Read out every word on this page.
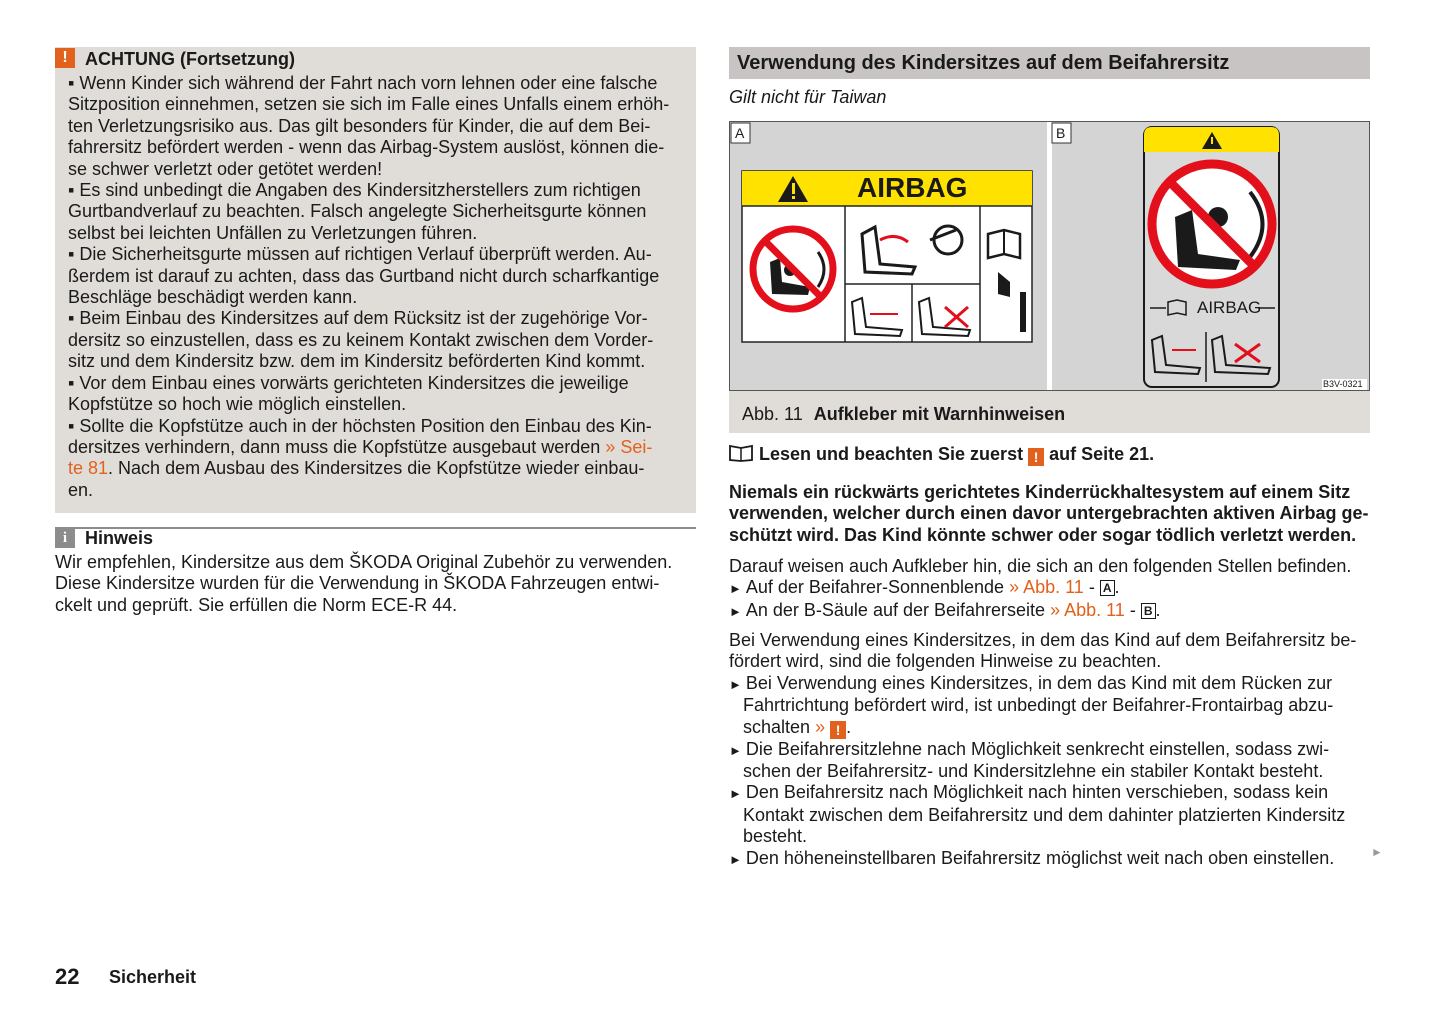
! ACHTUNG (Fortsetzung)
▪ Wenn Kinder sich während der Fahrt nach vorn lehnen oder eine falsche
Sitzposition einnehmen, setzen sie sich im Falle eines Unfalls einem erhöh-
ten Verletzungsrisiko aus. Das gilt besonders für Kinder, die auf dem Bei-
fahrersitz befördert werden - wenn das Airbag-System auslöst, können die-
se schwer verletzt oder getötet werden!
▪ Es sind unbedingt die Angaben des Kindersitzherstellers zum richtigen
Gurtbandverlauf zu beachten. Falsch angelegte Sicherheitsgurte können
selbst bei leichten Unfällen zu Verletzungen führen.
▪ Die Sicherheitsgurte müssen auf richtigen Verlauf überprüft werden. Au-
ßerdem ist darauf zu achten, dass das Gurtband nicht durch scharfkantige
Beschläge beschädigt werden kann.
▪ Beim Einbau des Kindersitzes auf dem Rücksitz ist der zugehörige Vor-
dersitz so einzustellen, dass es zu keinem Kontakt zwischen dem Vorder-
sitz und dem Kindersitz bzw. dem im Kindersitz beförderten Kind kommt.
▪ Vor dem Einbau eines vorwärts gerichteten Kindersitzes die jeweilige
Kopfstütze so hoch wie möglich einstellen.
▪ Sollte die Kopfstütze auch in der höchsten Position den Einbau des Kin-
dersitzes verhindern, dann muss die Kopfstütze ausgebaut werden » Sei-
te 81. Nach dem Ausbau des Kindersitzes die Kopfstütze wieder einbau-
en.
i Hinweis
Wir empfehlen, Kindersitze aus dem ŠKODA Original Zubehör zu verwenden.
Diese Kindersitze wurden für die Verwendung in ŠKODA Fahrzeugen entwi-
ckelt und geprüft. Sie erfüllen die Norm ECE-R 44.
Verwendung des Kindersitzes auf dem Beifahrersitz
Gilt nicht für Taiwan
A	B
AIRBAG
AIRBAG
B3V-0321
Abb. 11 Aufkleber mit Warnhinweisen
Lesen und beachten Sie zuerst ! auf Seite 21.
Niemals ein rückwärts gerichtetes Kinderrückhaltesystem auf einem Sitz
verwenden, welcher durch einen davor untergebrachten aktiven Airbag ge-
schützt wird. Das Kind könnte schwer oder sogar tödlich verletzt werden.
Darauf weisen auch Aufkleber hin, die sich an den folgenden Stellen befinden.
► Auf der Beifahrer-Sonnenblende » Abb. 11 - A .
► An der B-Säule auf der Beifahrerseite » Abb. 11 - B .
Bei Verwendung eines Kindersitzes, in dem das Kind auf dem Beifahrersitz be-
fördert wird, sind die folgenden Hinweise zu beachten.
► Bei Verwendung eines Kindersitzes, in dem das Kind mit dem Rücken zur
Fahrtrichtung befördert wird, ist unbedingt der Beifahrer-Frontairbag abzu-
schalten » ! .
► Die Beifahrersitzlehne nach Möglichkeit senkrecht einstellen, sodass zwi-
schen der Beifahrersitz- und Kindersitzlehne ein stabiler Kontakt besteht.
► Den Beifahrersitz nach Möglichkeit nach hinten verschieben, sodass kein
Kontakt zwischen dem Beifahrersitz und dem dahinter platzierten Kindersitz
besteht.
► Den höheneinstellbaren Beifahrersitz möglichst weit nach oben einstellen.	►
22 Sicherheit
